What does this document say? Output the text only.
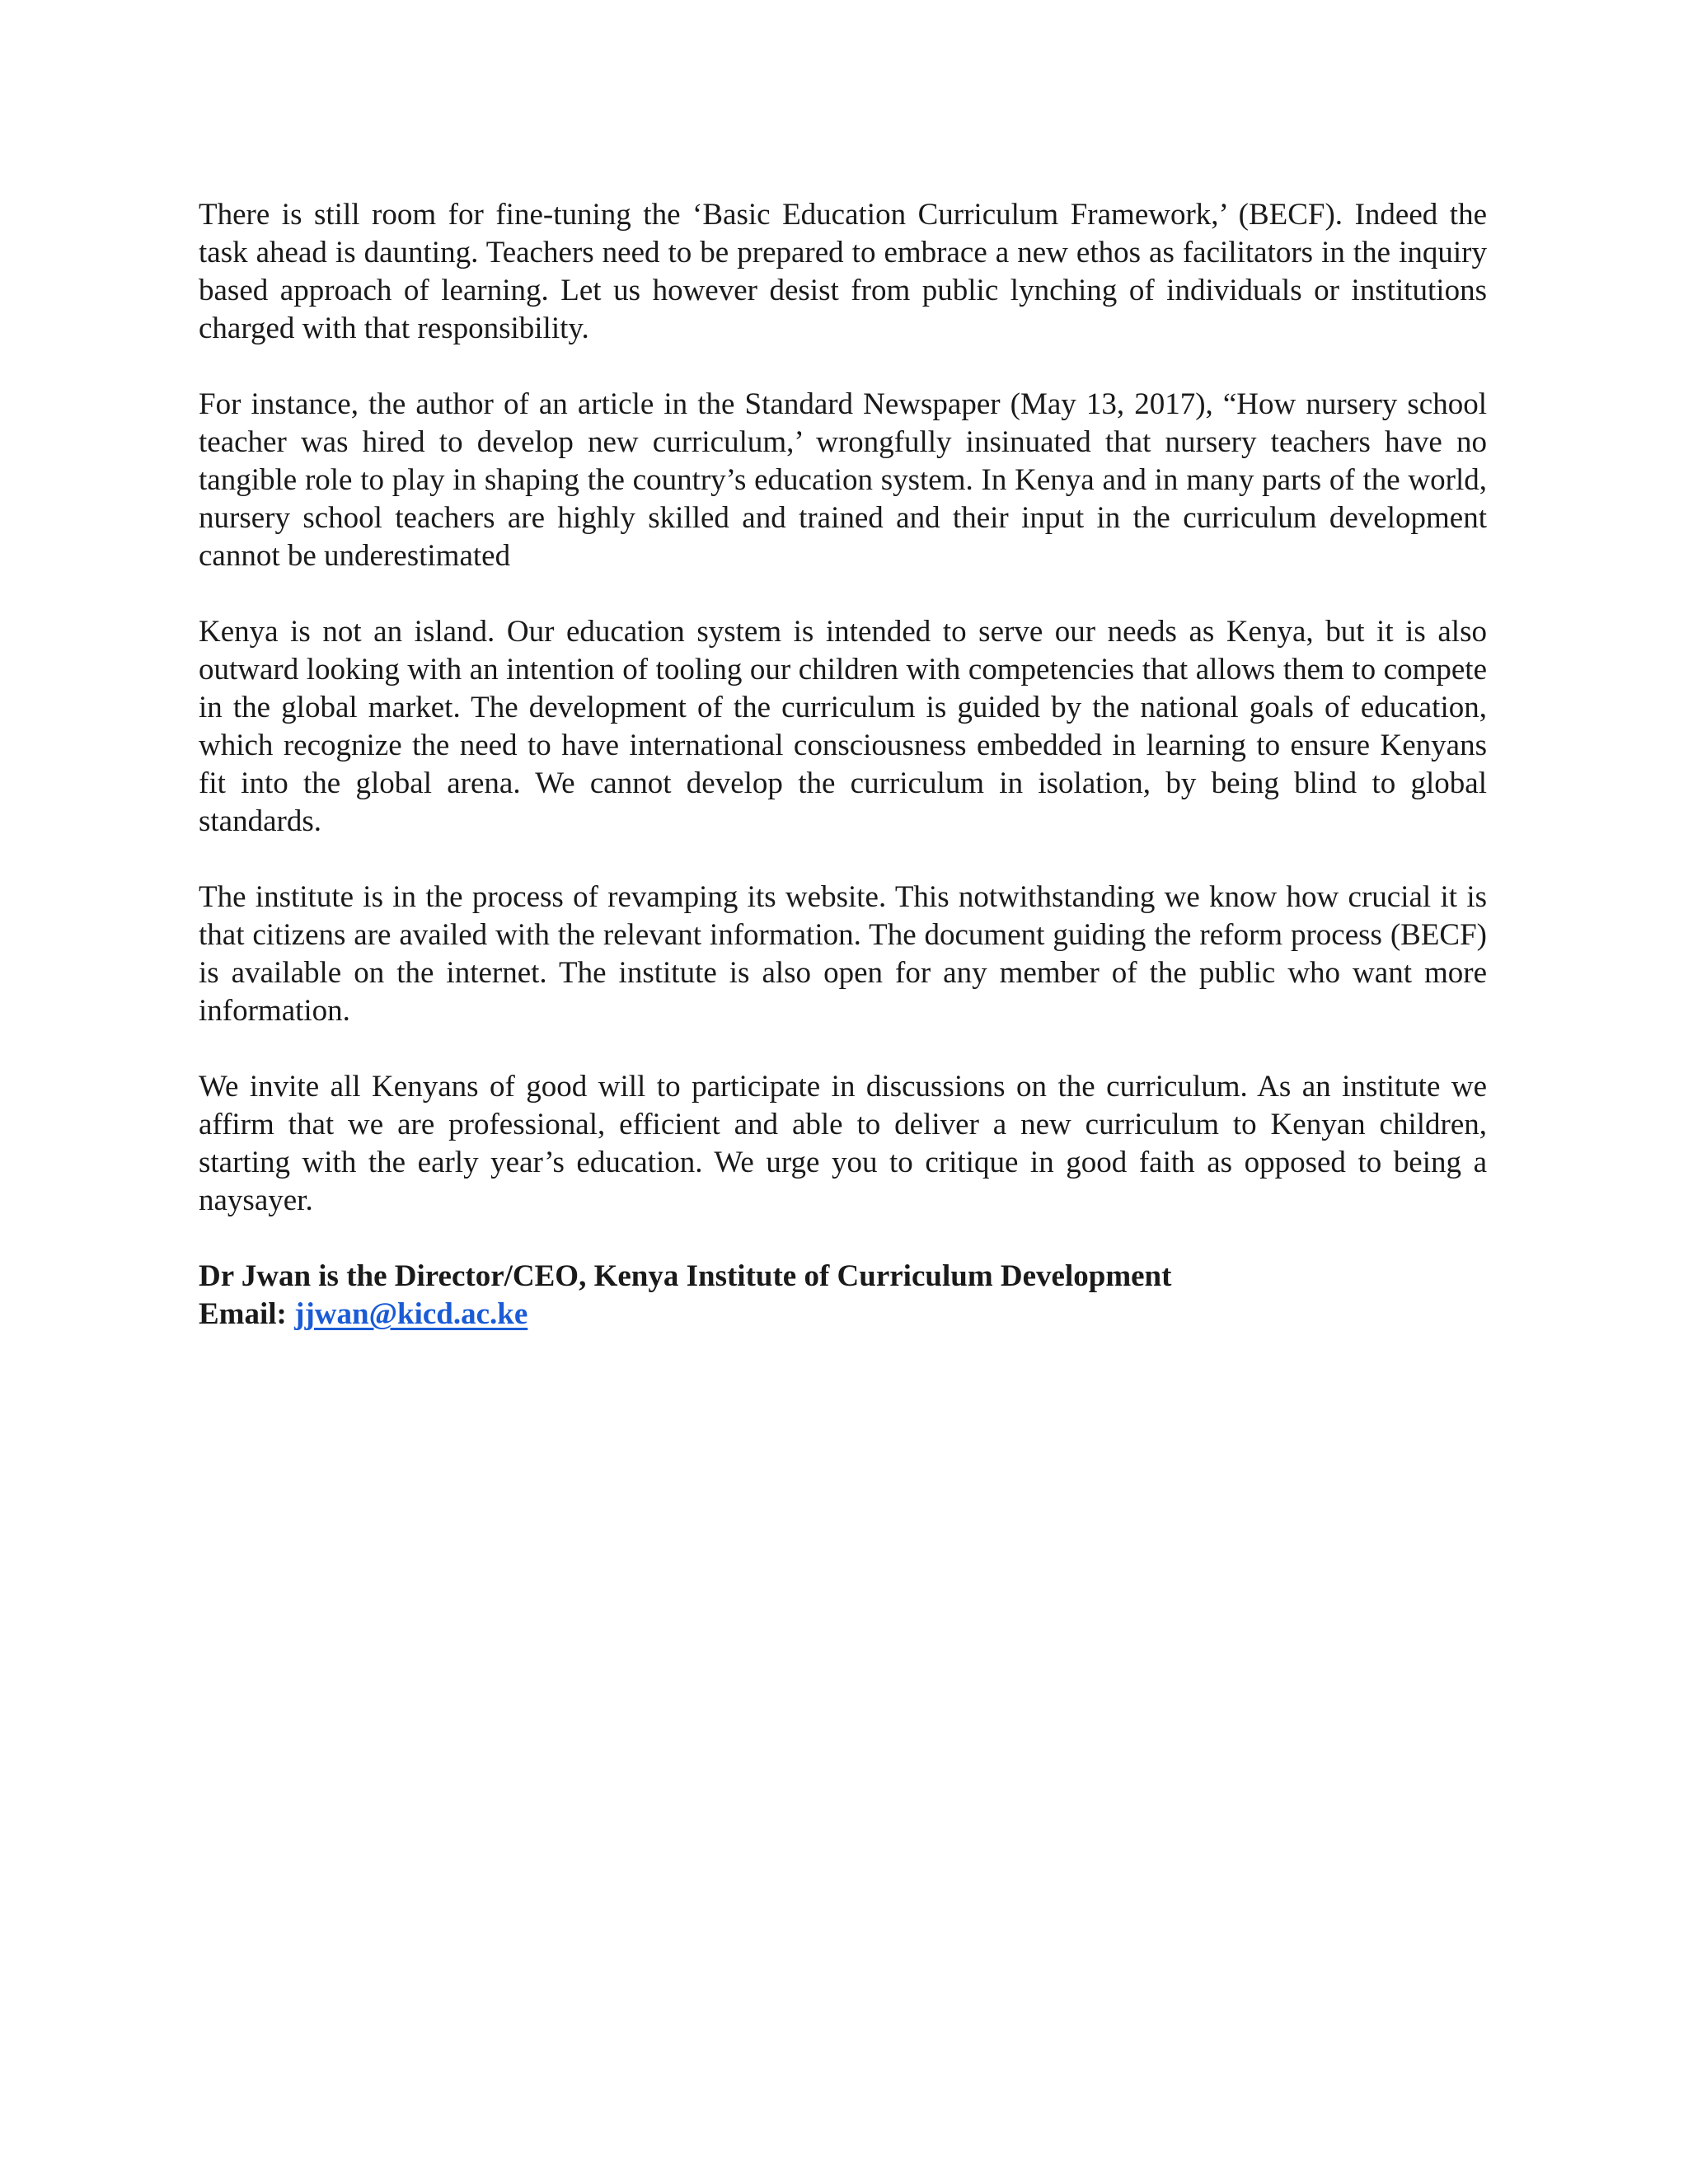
There is still room for fine-tuning the ‘Basic Education Curriculum Framework,’ (BECF). Indeed the task ahead is daunting. Teachers need to be prepared to embrace a new ethos as facilitators in the inquiry based approach of learning. Let us however desist from public lynching of individuals or institutions charged with that responsibility.

For instance, the author of an article in the Standard Newspaper (May 13, 2017), “How nursery school teacher was hired to develop new curriculum,’ wrongfully insinuated that nursery teachers have no tangible role to play in shaping the country’s education system. In Kenya and in many parts of the world, nursery school teachers are highly skilled and trained and their input in the curriculum development cannot be underestimated

Kenya is not an island. Our education system is intended to serve our needs as Kenya, but it is also outward looking with an intention of tooling our children with competencies that allows them to compete in the global market. The development of the curriculum is guided by the national goals of education, which recognize the need to have international consciousness embedded in learning to ensure Kenyans fit into the global arena. We cannot develop the curriculum in isolation, by being blind to global standards.

The institute is in the process of revamping its website. This notwithstanding we know how crucial it is that citizens are availed with the relevant information. The document guiding the reform process (BECF) is available on the internet. The institute is also open for any member of the public who want more information.

We invite all Kenyans of good will to participate in discussions on the curriculum. As an institute we affirm that we are professional, efficient and able to deliver a new curriculum to Kenyan children, starting with the early year’s education. We urge you to critique in good faith as opposed to being a naysayer.

Dr Jwan is the Director/CEO, Kenya Institute of Curriculum Development
Email: jjwan@kicd.ac.ke
